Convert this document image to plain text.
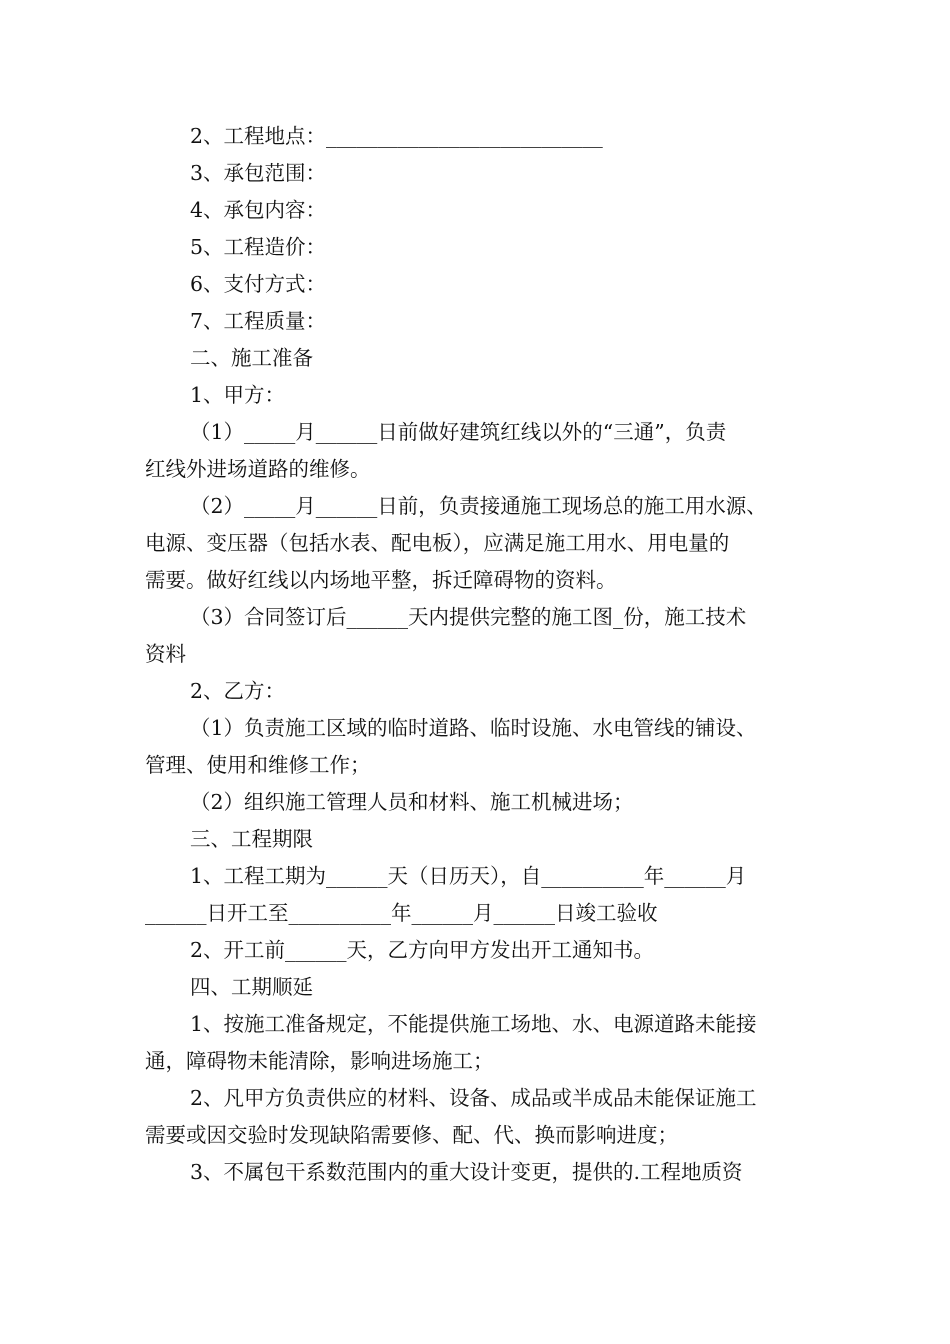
2、工程地点：___________________________
3、承包范围：
4、承包内容：
5、工程造价：
6、支付方式：
7、工程质量：
二、施工准备
1、甲方：
（1）_____月______日前做好建筑红线以外的“三通”，负责
红线外进场道路的维修。
（2）_____月______日前，负责接通施工现场总的施工用水源、
电源、变压器（包括水表、配电板），应满足施工用水、用电量的
需要。做好红线以内场地平整，拆迁障碍物的资料。
（3）合同签订后______天内提供完整的施工图_份，施工技术
资料
2、乙方：
（1）负责施工区域的临时道路、临时设施、水电管线的铺设、
管理、使用和维修工作；
（2）组织施工管理人员和材料、施工机械进场；
三、工程期限
1、工程工期为______天（日历天），自__________年______月
______日开工至__________年______月______日竣工验收
2、开工前______天，乙方向甲方发出开工通知书。
四、工期顺延
1、按施工准备规定，不能提供施工场地、水、电源道路未能接
通，障碍物未能清除，影响进场施工；
2、凡甲方负责供应的材料、设备、成品或半成品未能保证施工
需要或因交验时发现缺陷需要修、配、代、换而影响进度；
3、不属包干系数范围内的重大设计变更，提供的.工程地质资
